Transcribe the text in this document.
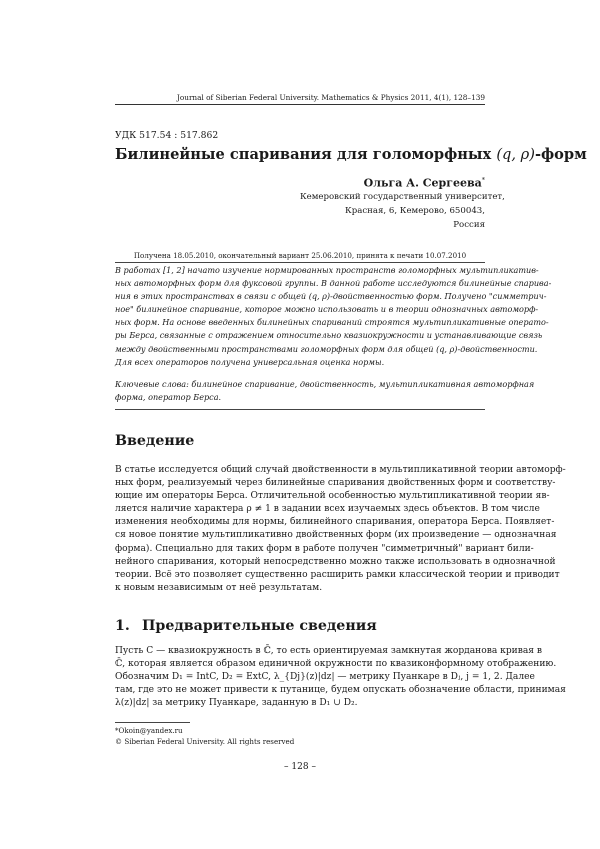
Journal of Siberian Federal University. Mathematics & Physics 2011, 4(1), 128–139
УДК 517.54 : 517.862
Билинейные спаривания для голоморфных (q, ρ)-форм
Ольга А. Сергеева*
Кемеровский государственный университет,
Красная, 6, Кемерово, 650043,
Россия
Получена 18.05.2010, окончательный вариант 25.06.2010, принята к печати 10.07.2010
В работах [1, 2] начато изучение нормированных пространств голоморфных мультипликатив-
ных автоморфных форм для фуксовой группы. В данной работе исследуются билинейные спарива-
ния в этих пространствах в связи с общей (q, ρ)-двойственностью форм. Получено "симметрич-
ное" билинейное спаривание, которое можно использовать и в теории однозначных автоморф-
ных форм. На основе введенных билинейных спариваний строятся мультипликативные операто-
ры Берса, связанные с отражением относительно квазиокружности и устанавливающие связь
между двойственными пространствами голоморфных форм для общей (q, ρ)-двойственности.
Для всех операторов получена универсальная оценка нормы.
Ключевые слова: билинейное спаривание, двойственность, мультипликативная автоморфная
форма, оператор Берса.
Введение
В статье исследуется общий случай двойственности в мультипликативной теории автоморф-
ных форм, реализуемый через билинейные спаривания двойственных форм и соответству-
ющие им операторы Берса. Отличительной особенностью мультипликативной теории яв-
ляется наличие характера ρ ≠ 1 в задании всех изучаемых здесь объектов. В том числе
изменения необходимы для нормы, билинейного спаривания, оператора Берса. Появляет-
ся новое понятие мультипликативно двойственных форм (их произведение — однозначная
форма). Специально для таких форм в работе получен "симметричный" вариант били-
нейного спаривания, который непосредственно можно также использовать в однозначной
теории. Всё это позволяет существенно расширить рамки классической теории и приводит
к новым независимым от неё результатам.
1. Предварительные сведения
Пусть C — квазиокружность в ℂ̄, то есть ориентируемая замкнутая жорданова кривая в
ℂ̄, которая является образом единичной окружности по квазиконформному отображению.
Обозначим D₁ = IntC, D₂ = ExtC, λ_{Dj}(z)|dz| — метрику Пуанкаре в Dⱼ, j = 1, 2. Далее
там, где это не может привести к путанице, будем опускать обозначение области, принимая
λ(z)|dz| за метрику Пуанкаре, заданную в D₁ ∪ D₂.
*Okoin@yandex.ru
© Siberian Federal University. All rights reserved
– 128 –
